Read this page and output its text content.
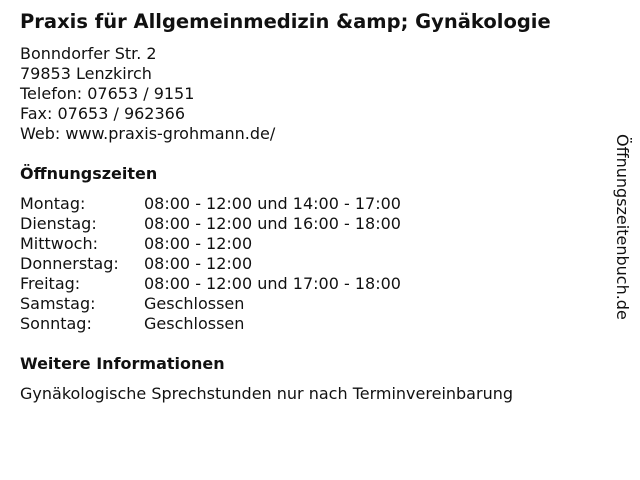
Praxis für Allgemeinmedizin &amp; Gynäkologie
Bonndorfer Str. 2
79853 Lenzkirch
Telefon: 07653 / 9151
Fax: 07653 / 962366
Web: www.praxis-grohmann.de/
Öffnungszeiten
Montag:	08:00 - 12:00 und 14:00 - 17:00
Dienstag:	08:00 - 12:00 und 16:00 - 18:00
Mittwoch:	08:00 - 12:00
Donnerstag: 08:00 - 12:00
Freitag:	08:00 - 12:00 und 17:00 - 18:00
Samstag:	Geschlossen
Sonntag:	Geschlossen
Weitere Informationen
Gynäkologische Sprechstunden nur nach Terminvereinbarung
Öffnungszeitenbuch.de
